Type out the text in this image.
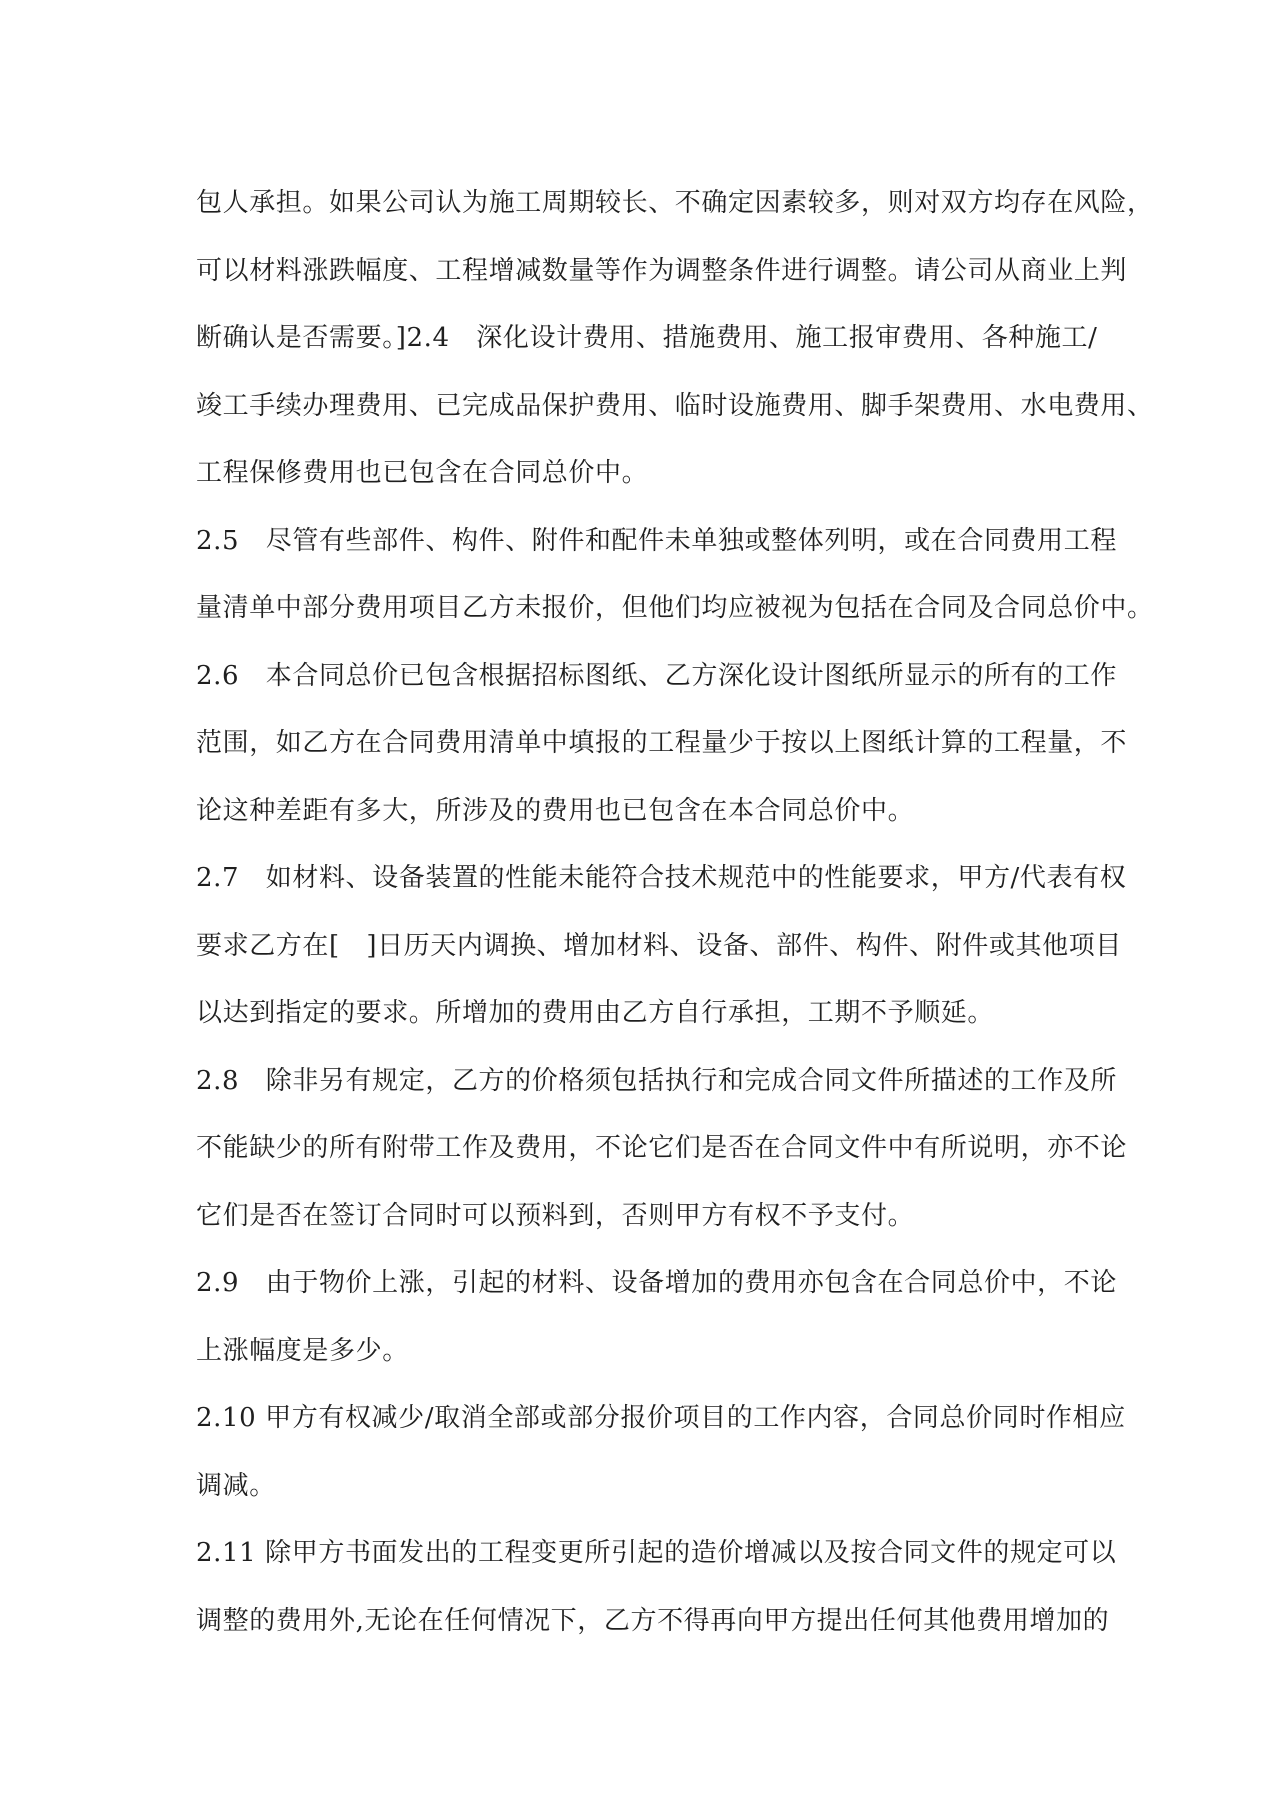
包人承担。如果公司认为施工周期较长、不确定因素较多，则对双方均存在风险，
可以材料涨跌幅度、工程增减数量等作为调整条件进行调整。请公司从商业上判
断确认是否需要。]2.4　深化设计费用、措施费用、施工报审费用、各种施工/
竣工手续办理费用、已完成品保护费用、临时设施费用、脚手架费用、水电费用、
工程保修费用也已包含在合同总价中。
2.5　尽管有些部件、构件、附件和配件未单独或整体列明，或在合同费用工程
量清单中部分费用项目乙方未报价，但他们均应被视为包括在合同及合同总价中。
2.6　本合同总价已包含根据招标图纸、乙方深化设计图纸所显示的所有的工作
范围，如乙方在合同费用清单中填报的工程量少于按以上图纸计算的工程量，不
论这种差距有多大，所涉及的费用也已包含在本合同总价中。
2.7　如材料、设备装置的性能未能符合技术规范中的性能要求，甲方/代表有权
要求乙方在[　]日历天内调换、增加材料、设备、部件、构件、附件或其他项目
以达到指定的要求。所增加的费用由乙方自行承担，工期不予顺延。
2.8　除非另有规定，乙方的价格须包括执行和完成合同文件所描述的工作及所
不能缺少的所有附带工作及费用，不论它们是否在合同文件中有所说明，亦不论
它们是否在签订合同时可以预料到，否则甲方有权不予支付。
2.9　由于物价上涨，引起的材料、设备增加的费用亦包含在合同总价中，不论
上涨幅度是多少。
2.10 甲方有权减少/取消全部或部分报价项目的工作内容，合同总价同时作相应
调减。
2.11 除甲方书面发出的工程变更所引起的造价增减以及按合同文件的规定可以
调整的费用外,无论在任何情况下，乙方不得再向甲方提出任何其他费用增加的
